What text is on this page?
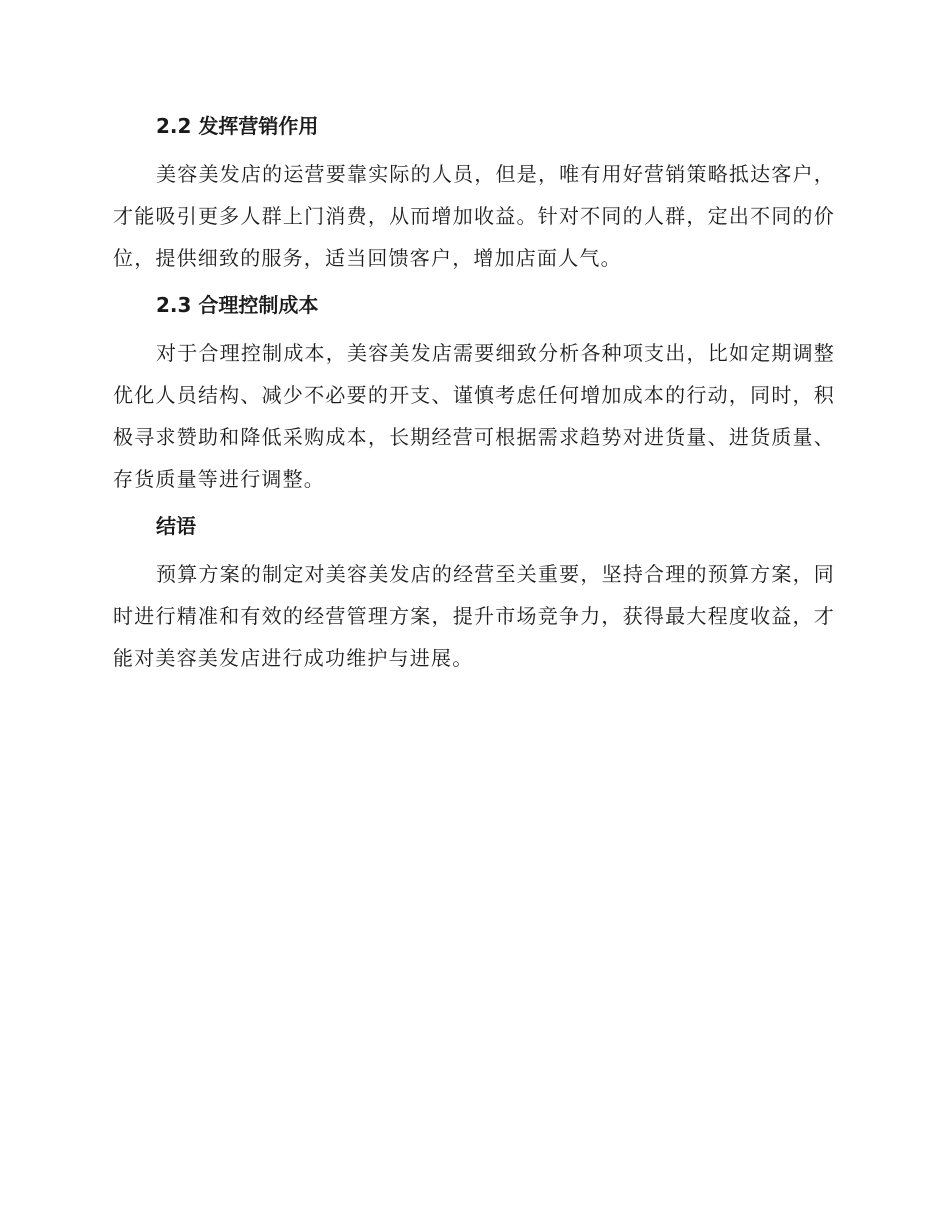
2.2 发挥营销作用

美容美发店的运营要靠实际的人员，但是，唯有用好营销策略抵达客户，才能吸引更多人群上门消费，从而增加收益。针对不同的人群，定出不同的价位，提供细致的服务，适当回馈客户，增加店面人气。

2.3 合理控制成本

对于合理控制成本，美容美发店需要细致分析各种项支出，比如定期调整优化人员结构、减少不必要的开支、谨慎考虑任何增加成本的行动，同时，积极寻求赞助和降低采购成本，长期经营可根据需求趋势对进货量、进货质量、存货质量等进行调整。

结语

预算方案的制定对美容美发店的经营至关重要，坚持合理的预算方案，同时进行精准和有效的经营管理方案，提升市场竞争力，获得最大程度收益，才能对美容美发店进行成功维护与进展。
